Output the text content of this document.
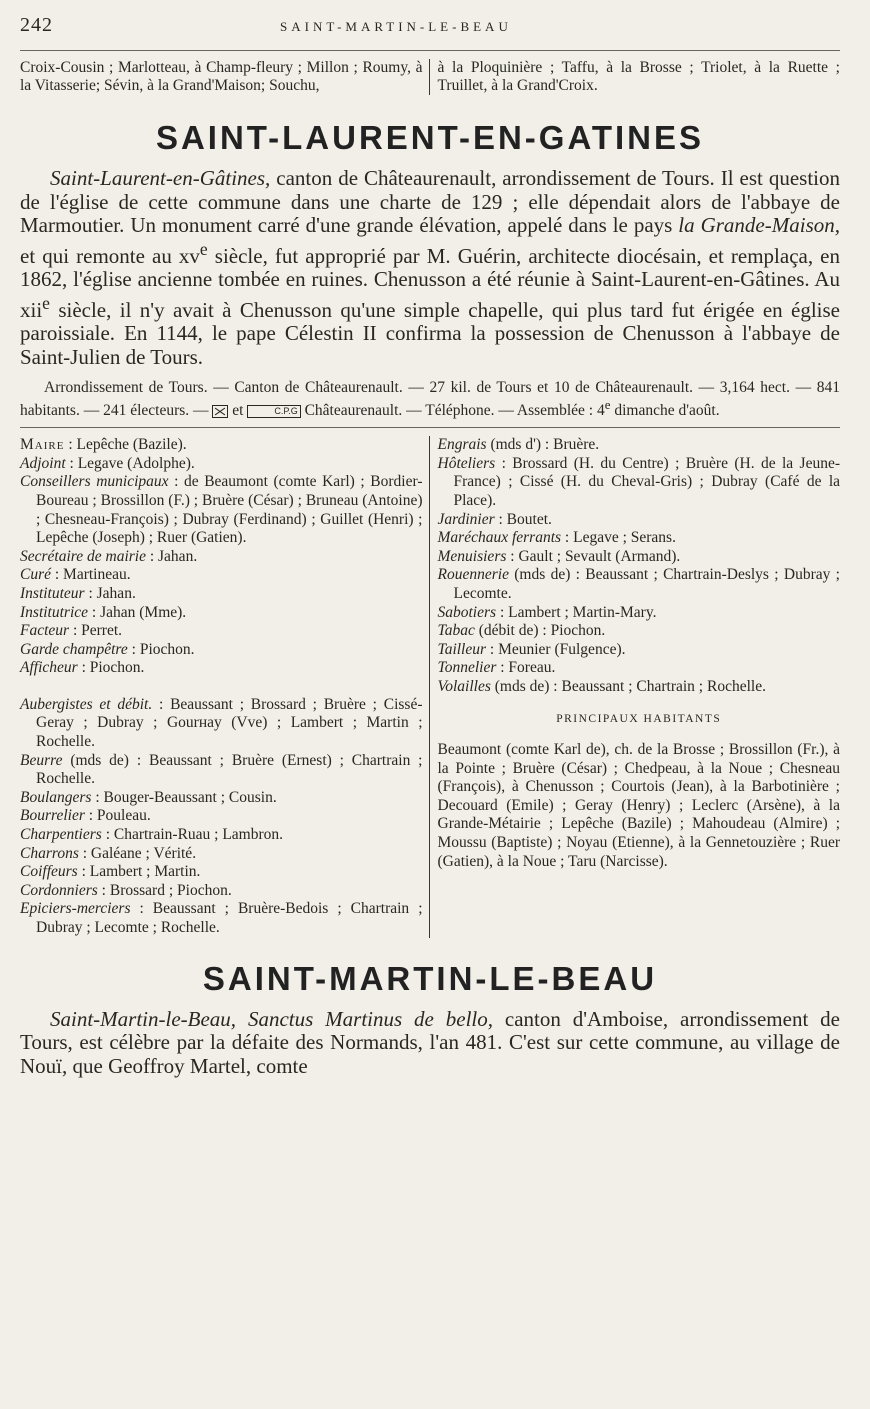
242	SAINT-MARTIN-LE-BEAU
Croix-Cousin ; Marlotteau, à Champ-fleury ; Millon ; Roumy, à la Vitasserie; Sévin, à la Grand'Maison; Souchu,
à la Ploquinière ; Taffu, à la Brosse ; Triolet, à la Ruette ; Truillet, à la Grand'Croix.
SAINT-LAURENT-EN-GATINES

Saint-Laurent-en-Gâtines, canton de Châteaurenault, arrondissement de Tours. Il est question de l'église de cette commune dans une charte de 129 ; elle dépendait alors de l'abbaye de Marmoutier. Un monument carré d'une grande élévation, appelé dans le pays la Grande-Maison, et qui remonte au $xv^e$ siècle, fut approprié par M. Guérin, architecte diocésain, et remplaça, en 1862, l'église ancienne tombée en ruines. Chenusson a été réunie à Saint-Laurent-en-Gâtines. Au xii$^e$ siècle, il n'y avait à Chenusson qu'une simple chapelle, qui plus tard fut érigée en église paroissiale. En 1144, le pape Célestin II confirma la possession de Chenusson à l'abbaye de Saint-Julien de Tours.

Arrondissement de Tours. — Canton de Châteaurenault. — 27 kil. de Tours et 10 de Châteaurenault. — 3,164 hect. — 841 habitants. — 241 électeurs. —  et	C.P.G Châteaurenault. — Téléphone. — Assemblée : 4e dimanche d'août.

Maire : Lepêche (Bazile).

Adjoint : Legave (Adolphe).

Conseillers municipaux : de Beaumont (comte Karl) ; Bordier-Boureau ; Brossillon (F.) ; Bruère (César) ; Bruneau (Antoine) ; Chesneau-François) ; Dubray (Ferdinand) ; Guillet (Henri) ; Lepêche (Joseph) ; Ruer (Gatien).

Secrétaire de mairie : Jahan.

Curé : Martineau.

Instituteur : Jahan.

Institutrice : Jahan (Mme).

Facteur : Perret.

Garde champêtre : Piochon.

Afficheur : Piochon.

Aubergistes et débit. : Beaussant ; Brossard ; Bruère ; Cissé-Geray ; Dubray ; Gourнay (Vve) ; Lambert ; Martin ; Rochelle.

Beurre (mds de) : Beaussant ; Bruère (Ernest) ; Chartrain ; Rochelle.

Boulangers : Bouger-Beaussant ; Cousin.

Bourrelier : Pouleau.

Charpentiers : Chartrain-Ruau ; Lambron.

Charrons : Galéane ; Vérité.

Coiffeurs : Lambert ; Martin.

Cordonniers : Brossard ; Piochon.

Epiciers-merciers : Beaussant ; Bruère-Bedois ; Chartrain ; Dubray ; Lecomte ; Rochelle.

Engrais (mds d') : Bruère.

Hôteliers : Brossard (H. du Centre) ; Bruère (H. de la Jeune-France) ; Cissé (H. du Cheval-Gris) ; Dubray (Café de la Place).

Jardinier : Boutet.

Maréchaux ferrants : Legave ; Serans.

Menuisiers : Gault ; Sevault (Armand).

Rouennerie (mds de) : Beaussant ; Chartrain-Deslys ; Dubray ; Lecomte.

Sabotiers : Lambert ; Martin-Mary.

Tabac (débit de) : Piochon.

Tailleur : Meunier (Fulgence).

Tonnelier : Foreau.

Volailles (mds de) : Beaussant ; Chartrain ; Rochelle.

PRINCIPAUX HABITANTS

Beaumont (comte Karl de), ch. de la Brosse ; Brossillon (Fr.), à la Pointe ; Bruère (César) ; Chedpeau, à la Noue ; Chesneau (François), à Chenusson ; Courtois (Jean), à la Barbotinière ; Decouard (Emile) ; Geray (Henry) ; Leclerc (Arsène), à la Grande-Métairie ; Lepêche (Bazile) ; Mahoudeau (Almire) ; Moussu (Baptiste) ; Noyau (Etienne), à la Gennetouzière ; Ruer (Gatien), à la Noue ; Taru (Narcisse).

SAINT-MARTIN-LE-BEAU

Saint-Martin-le-Beau, Sanctus Martinus de bello, canton d'Amboise, arrondissement de Tours, est célèbre par la défaite des Normands, l'an 481. C'est sur cette commune, au village de Nouï, que Geoffroy Martel, comte
